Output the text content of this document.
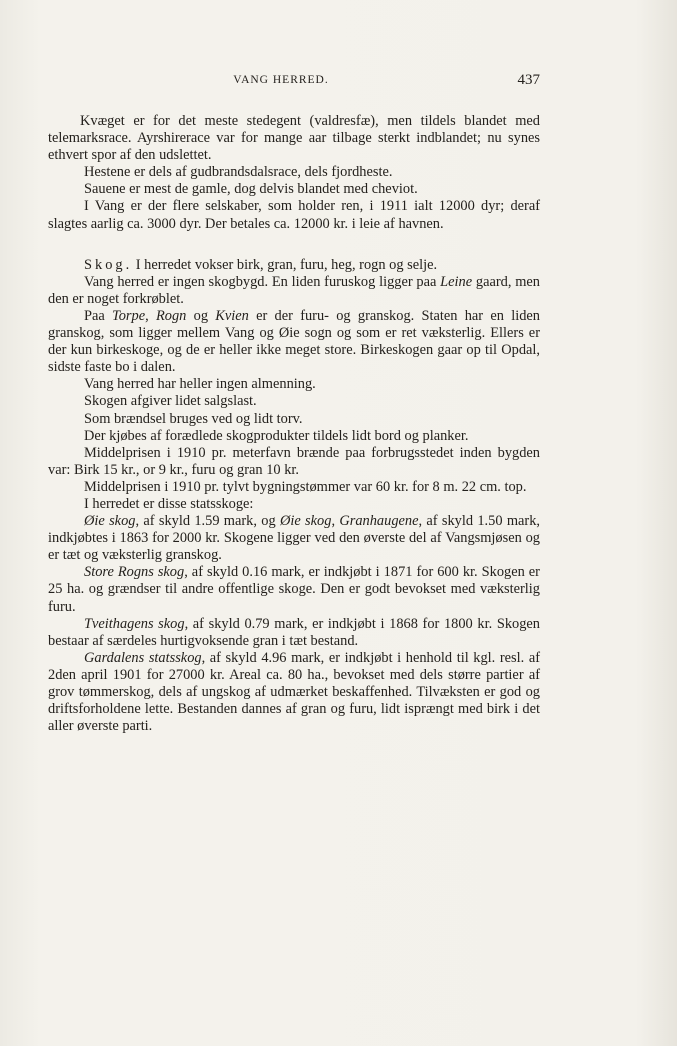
VANG HERRED.	437

Kvæget er for det meste stedegent (valdresfæ), men tildels blandet med telemarksrace. Ayrshirerace var for mange aar tilbage sterkt indblandet; nu synes ethvert spor af den udslettet.

Hestene er dels af gudbrandsdalsrace, dels fjordheste.

Sauene er mest de gamle, dog delvis blandet med cheviot.

I Vang er der flere selskaber, som holder ren, i 1911 ialt 12000 dyr; deraf slagtes aarlig ca. 3000 dyr. Der betales ca. 12000 kr. i leie af havnen.

Skog. I herredet vokser birk, gran, furu, heg, rogn og selje.

Vang herred er ingen skogbygd. En liden furuskog ligger paa Leine gaard, men den er noget forkrøblet.

Paa Torpe, Rogn og Kvien er der furu- og granskog. Staten har en liden granskog, som ligger mellem Vang og Øie sogn og som er ret væksterlig. Ellers er der kun birkeskoge, og de er heller ikke meget store. Birkeskogen gaar op til Opdal, sidste faste bo i dalen.

Vang herred har heller ingen almenning.

Skogen afgiver lidet salgslast.

Som brændsel bruges ved og lidt torv.

Der kjøbes af forædlede skogprodukter tildels lidt bord og planker.

Middelprisen i 1910 pr. meterfavn brænde paa forbrugsstedet inden bygden var: Birk 15 kr., or 9 kr., furu og gran 10 kr.

Middelprisen i 1910 pr. tylvt bygningstømmer var 60 kr. for 8 m. 22 cm. top.

I herredet er disse statsskoge:

Øie skog, af skyld 1.59 mark, og Øie skog, Granhaugene, af skyld 1.50 mark, indkjøbtes i 1863 for 2000 kr. Skogene ligger ved den øverste del af Vangsmjøsen og er tæt og væksterlig granskog.

Store Rogns skog, af skyld 0.16 mark, er indkjøbt i 1871 for 600 kr. Skogen er 25 ha. og grændser til andre offentlige skoge. Den er godt bevokset med væksterlig furu.

Tveithagens skog, af skyld 0.79 mark, er indkjøbt i 1868 for 1800 kr. Skogen bestaar af særdeles hurtigvoksende gran i tæt bestand.

Gardalens statsskog, af skyld 4.96 mark, er indkjøbt i henhold til kgl. resl. af 2den april 1901 for 27000 kr. Areal ca. 80 ha., bevokset med dels større partier af grov tømmerskog, dels af ungskog af udmærket beskaffenhed. Tilvæksten er god og driftsforholdene lette. Bestanden dannes af gran og furu, lidt isprængt med birk i det aller øverste parti.
